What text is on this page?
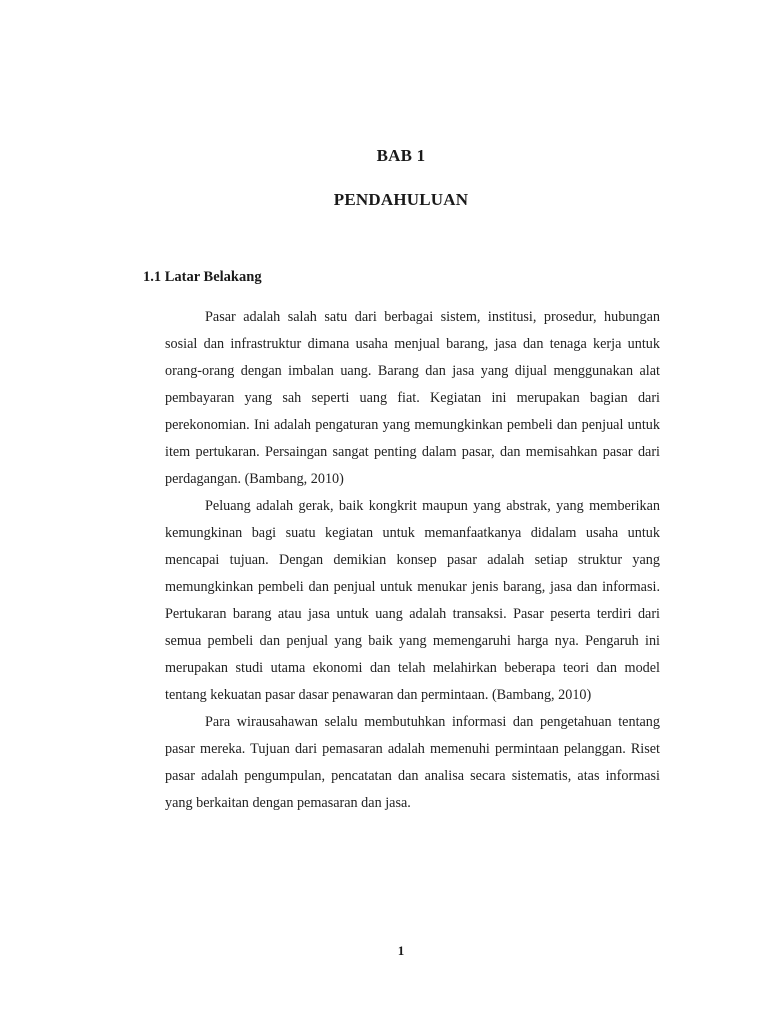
BAB 1
PENDAHULUAN
1.1 Latar Belakang

Pasar adalah salah satu dari berbagai sistem, institusi, prosedur, hubungan sosial dan infrastruktur dimana usaha menjual barang, jasa dan tenaga kerja untuk orang-orang dengan imbalan uang. Barang dan jasa yang dijual menggunakan alat pembayaran yang sah seperti uang fiat. Kegiatan ini merupakan bagian dari perekonomian. Ini adalah pengaturan yang memungkinkan pembeli dan penjual untuk item pertukaran. Persaingan sangat penting dalam pasar, dan memisahkan pasar dari perdagangan. (Bambang, 2010)

Peluang adalah gerak, baik kongkrit maupun yang abstrak, yang memberikan kemungkinan bagi suatu kegiatan untuk memanfaatkanya didalam usaha untuk mencapai tujuan. Dengan demikian konsep pasar adalah setiap struktur yang memungkinkan pembeli dan penjual untuk menukar jenis barang, jasa dan informasi. Pertukaran barang atau jasa untuk uang adalah transaksi. Pasar peserta terdiri dari semua pembeli dan penjual yang baik yang memengaruhi harga nya. Pengaruh ini merupakan studi utama ekonomi dan telah melahirkan beberapa teori dan model tentang kekuatan pasar dasar penawaran dan permintaan. (Bambang, 2010)

Para wirausahawan selalu membutuhkan informasi dan pengetahuan tentang pasar mereka. Tujuan dari pemasaran adalah memenuhi permintaan pelanggan. Riset pasar adalah pengumpulan, pencatatan dan analisa secara sistematis, atas informasi yang berkaitan dengan pemasaran dan jasa.

1
